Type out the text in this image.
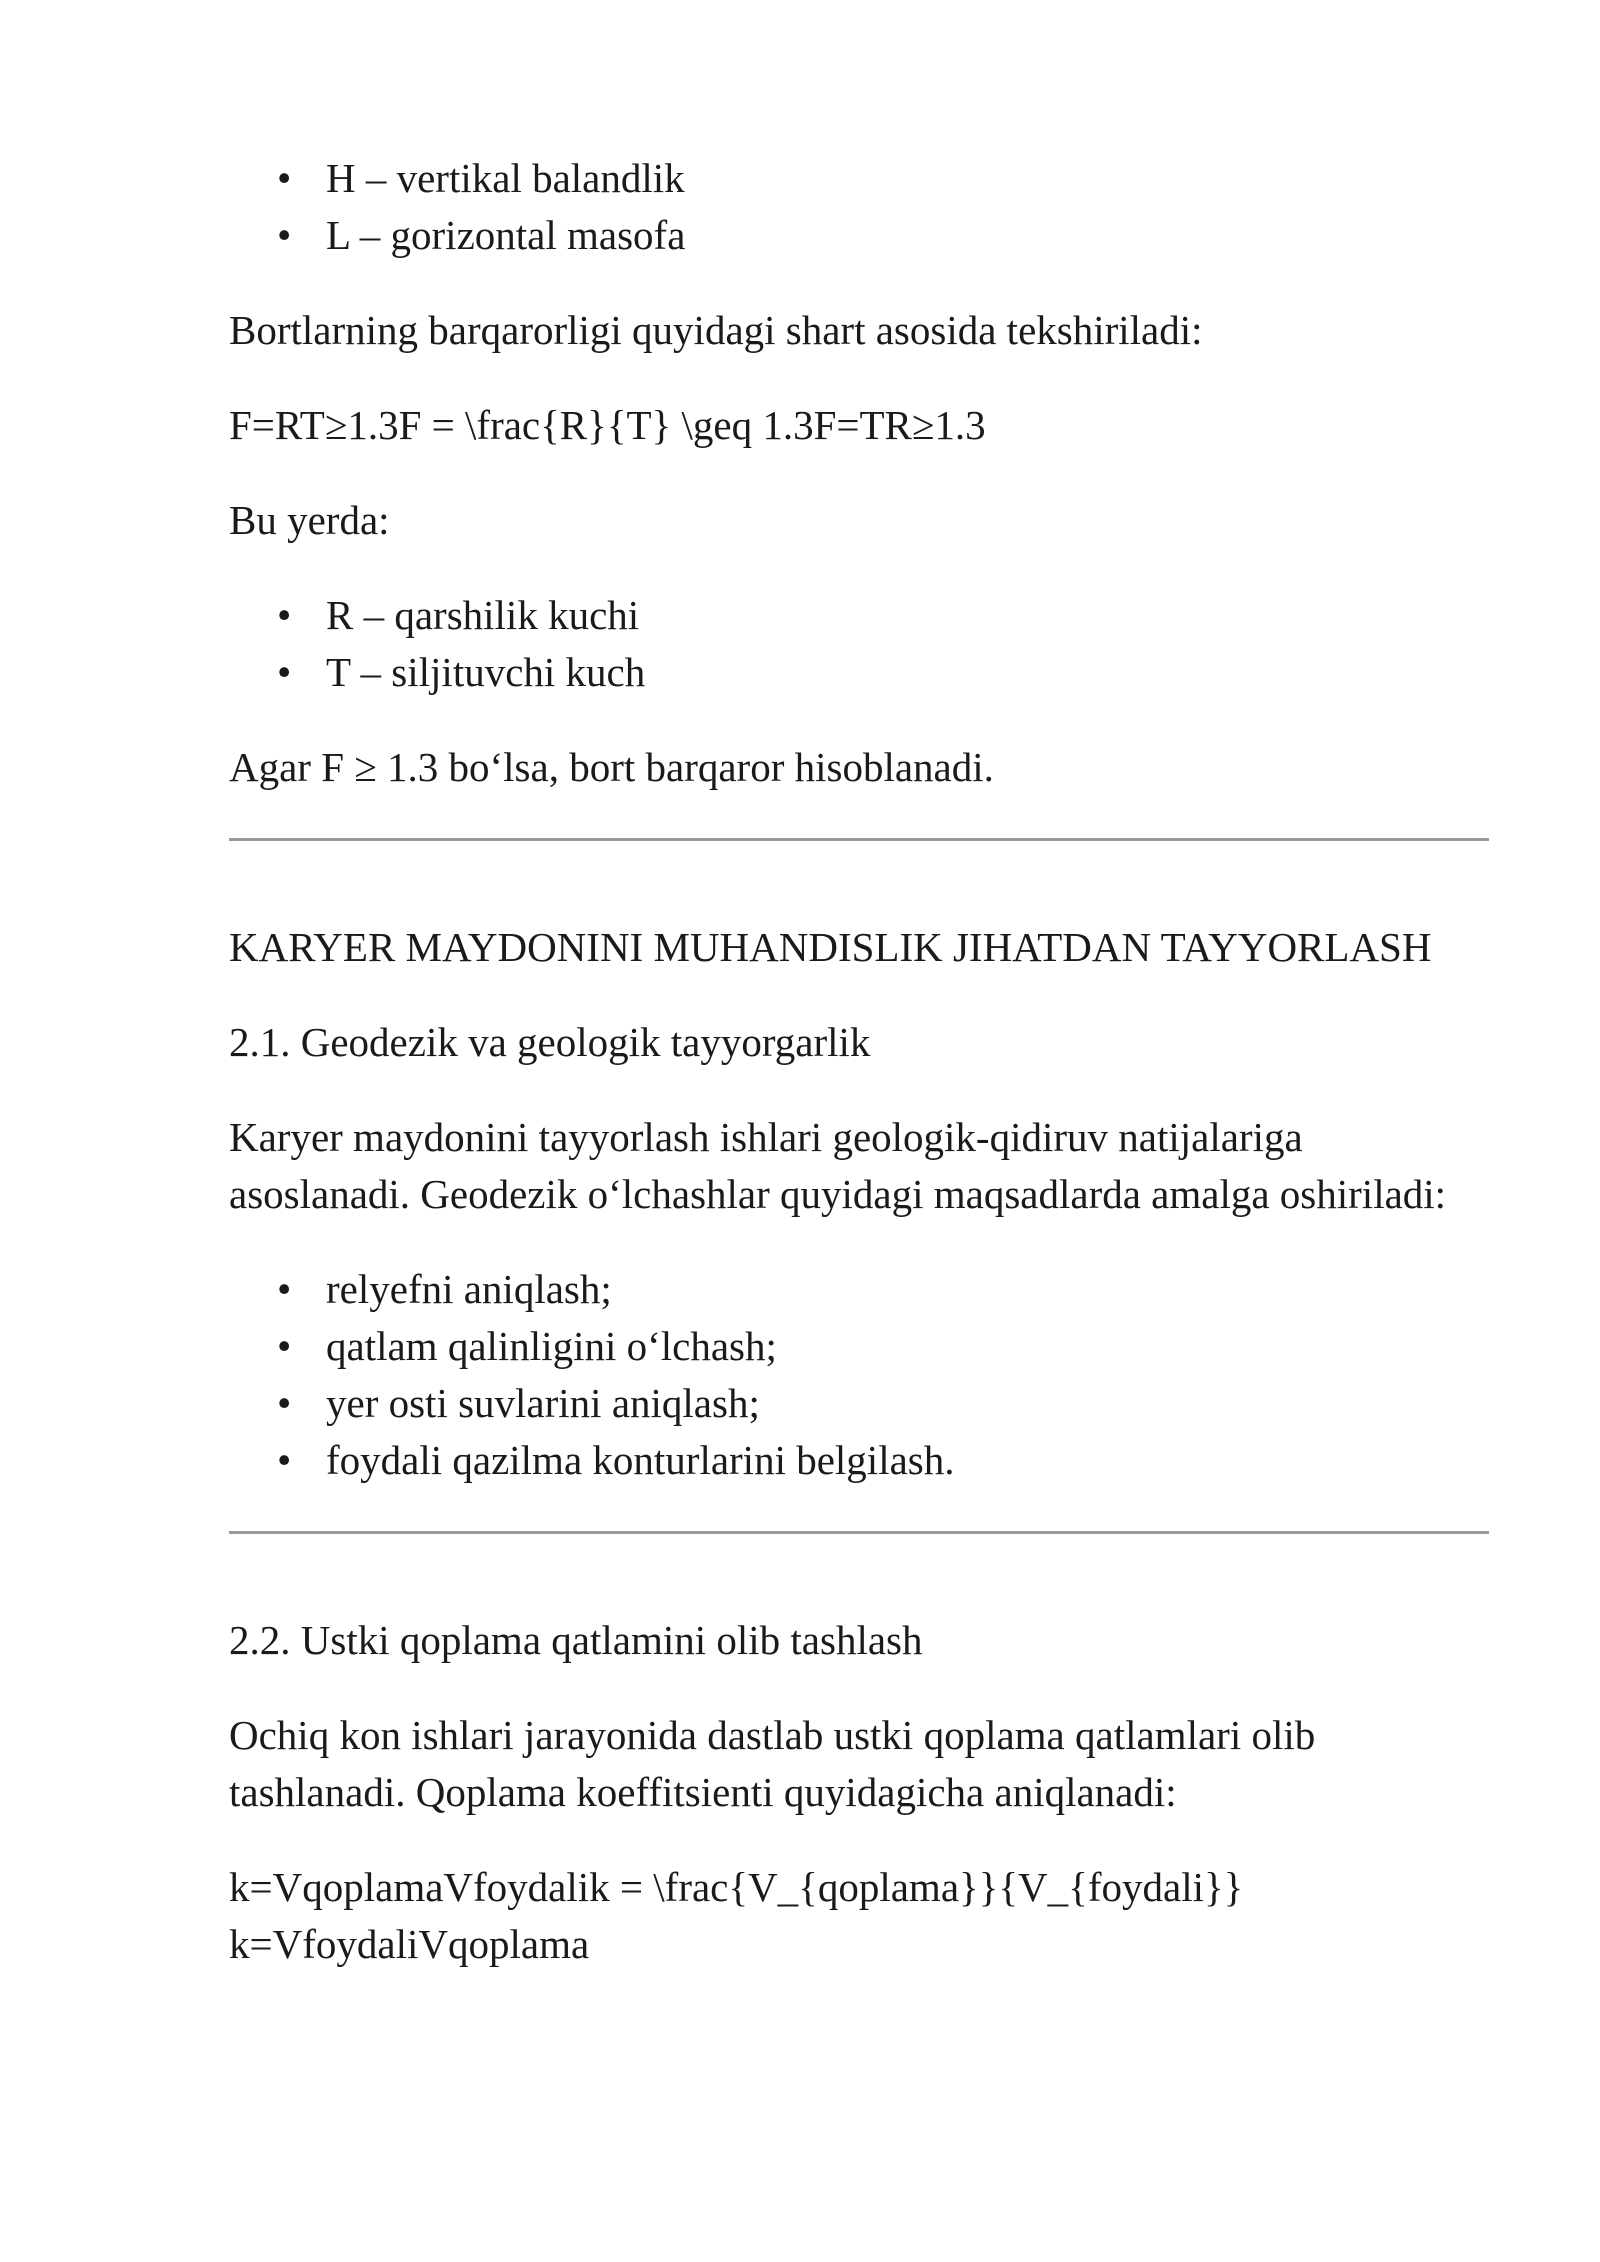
• H – vertikal balandlik
• L – gorizontal masofa

Bortlarning barqarorligi quyidagi shart asosida tekshiriladi:

F=RT≥1.3F = \frac{R}{T} \geq 1.3F=TR≥1.3

Bu yerda:

• R – qarshilik kuchi
• T – siljituvchi kuch

Agar F ≥ 1.3 bo‘lsa, bort barqaror hisoblanadi.

KARYER MAYDONINI MUHANDISLIK JIHATDAN TAYYORLASH

2.1. Geodezik va geologik tayyorgarlik

Karyer maydonini tayyorlash ishlari geologik-qidiruv natijalariga asoslanadi. Geodezik o‘lchashlar quyidagi maqsadlarda amalga oshiriladi:

• relyefni aniqlash;
• qatlam qalinligini o‘lchash;
• yer osti suvlarini aniqlash;
• foydali qazilma konturlarini belgilash.

2.2. Ustki qoplama qatlamini olib tashlash

Ochiq kon ishlari jarayonida dastlab ustki qoplama qatlamlari olib tashlanadi. Qoplama koeffitsienti quyidagicha aniqlanadi:

k=VqoplamaVfoydalik = \frac{V_{qoplama}}{V_{foydali}}

k=VfoydaliVqoplama
